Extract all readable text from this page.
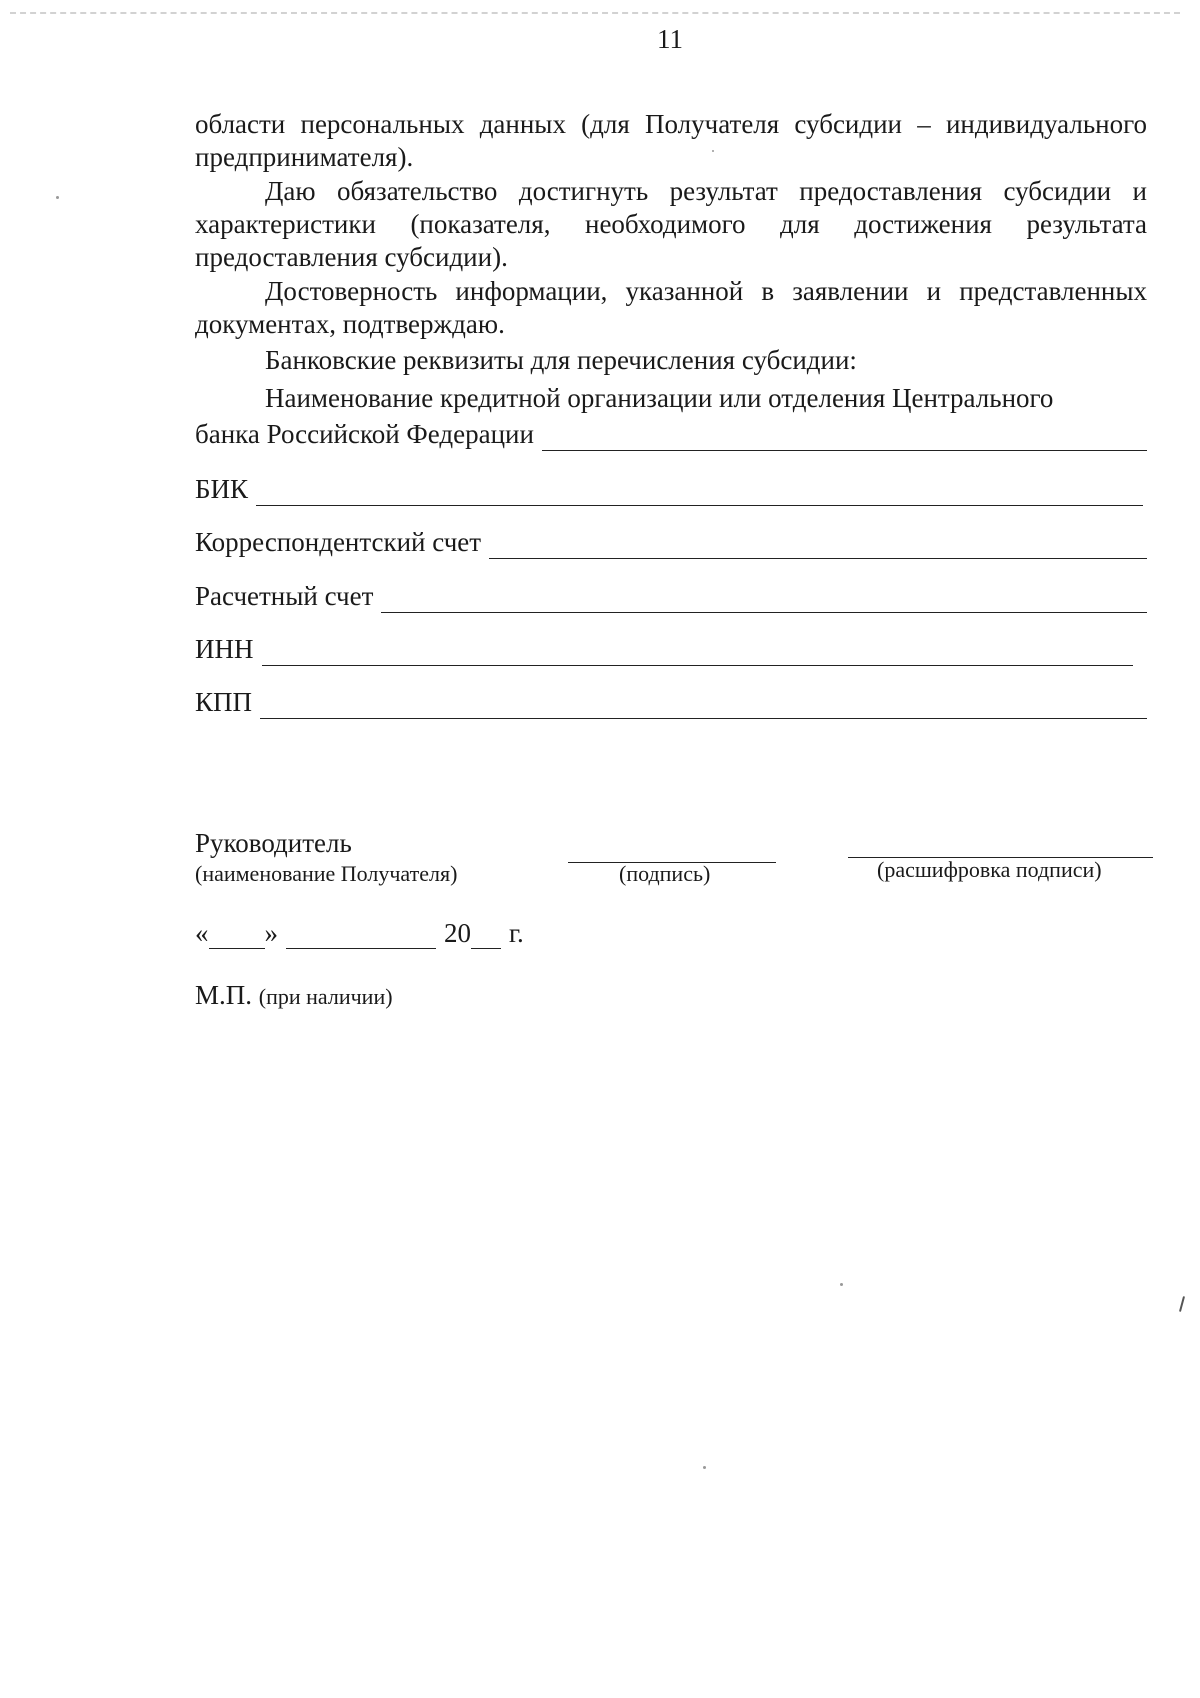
11

области персональных данных (для Получателя субсидии – индивидуального предпринимателя).

Даю обязательство достигнуть результат предоставления субсидии и характеристики (показателя, необходимого для достижения результата предоставления субсидии).

Достоверность информации, указанной в заявлении и представленных документах, подтверждаю.

Банковские реквизиты для перечисления субсидии:

Наименование кредитной организации или отделения Центрального
банка Российской Федерации
БИК
Корреспондентский счет
Расчетный счет
ИНН
КПП
Руководитель
(наименование Получателя)	(подпись)	(расшифровка подписи)
« »	20 г.
М.П. (при наличии)
